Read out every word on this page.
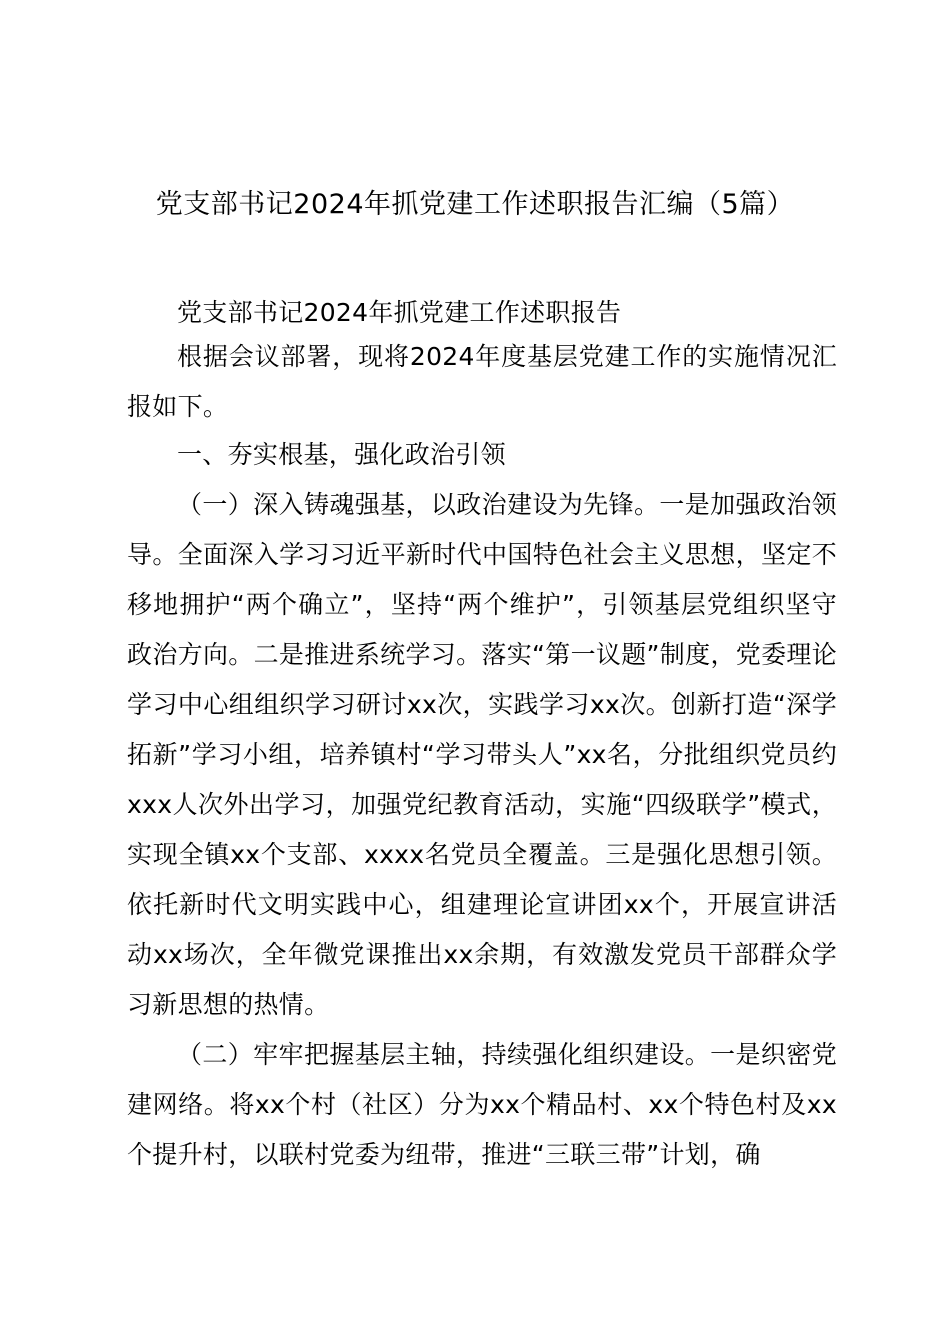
党支部书记2024年抓党建工作述职报告汇编（5篇）
党支部书记2024年抓党建工作述职报告

根据会议部署，现将2024年度基层党建工作的实施情况汇报如下。

一、夯实根基，强化政治引领

（一）深入铸魂强基，以政治建设为先锋。一是加强政治领导。全面深入学习习近平新时代中国特色社会主义思想，坚定不移地拥护“两个确立”，坚持“两个维护”，引领基层党组织坚守政治方向。二是推进系统学习。落实“第一议题”制度，党委理论学习中心组组织学习研讨xx次，实践学习xx次。创新打造“深学拓新”学习小组，培养镇村“学习带头人”xx名，分批组织党员约xxx人次外出学习，加强党纪教育活动，实施“四级联学”模式，实现全镇xx个支部、xxxx名党员全覆盖。三是强化思想引领。依托新时代文明实践中心，组建理论宣讲团xx个，开展宣讲活动xx场次，全年微党课推出xx余期，有效激发党员干部群众学习新思想的热情。

（二）牢牢把握基层主轴，持续强化组织建设。一是织密党建网络。将xx个村（社区）分为xx个精品村、xx个特色村及xx个提升村，以联村党委为纽带，推进“三联三带”计划，确
